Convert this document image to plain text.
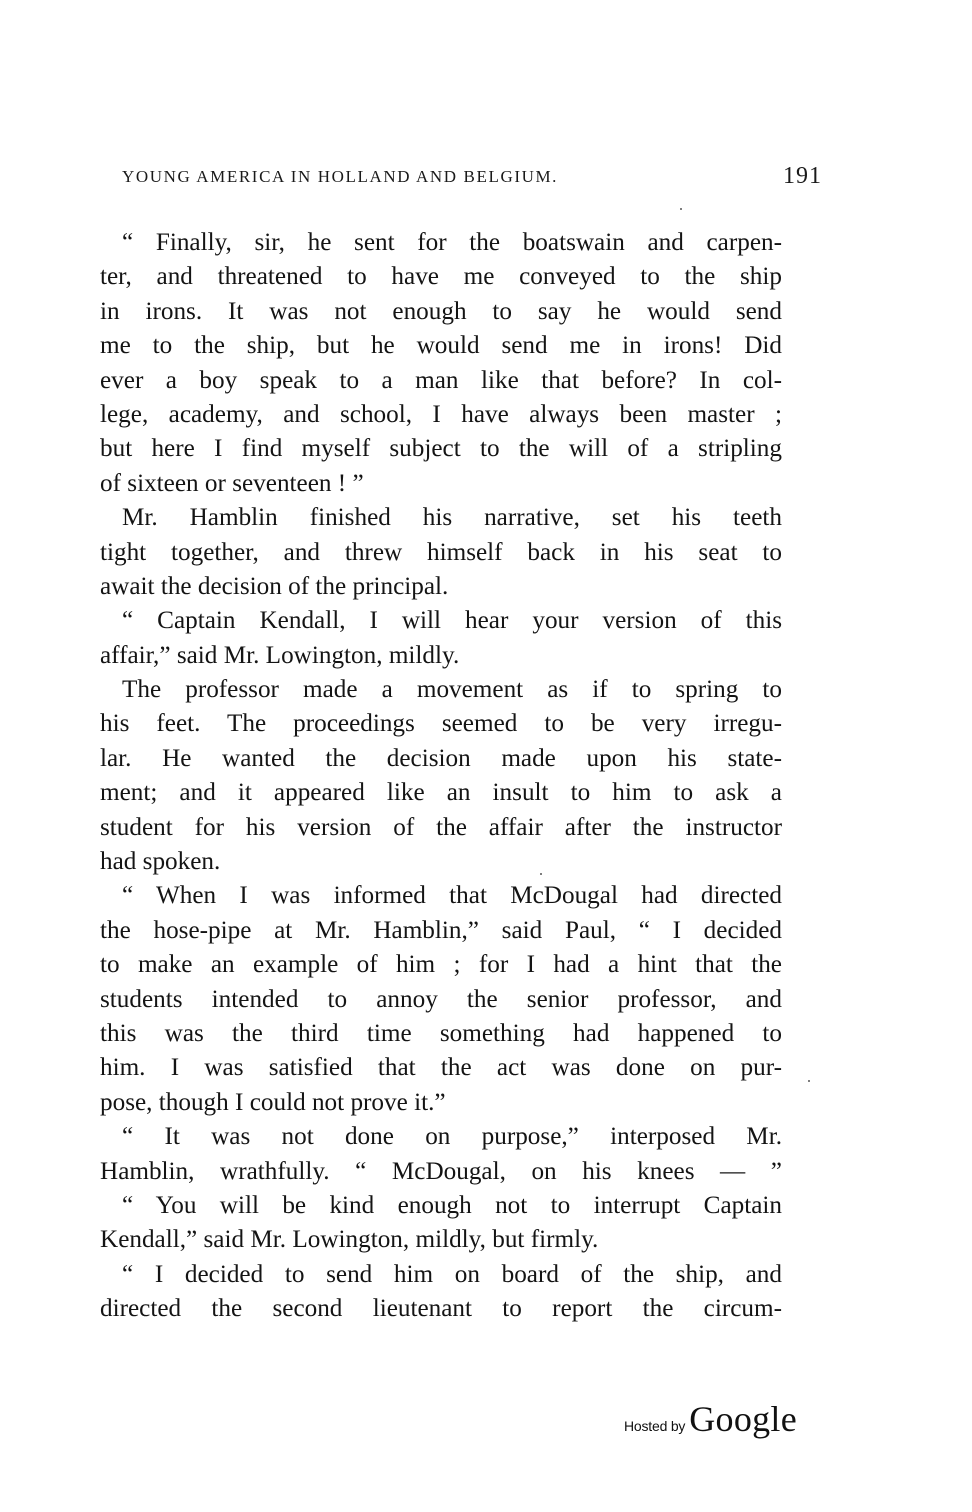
YOUNG AMERICA IN HOLLAND AND BELGIUM.	191
“ Finally, sir, he sent for the boatswain and carpen-
ter, and threatened to have me conveyed to the ship
in irons. It was not enough to say he would send
me to the ship, but he would send me in irons! Did
ever a boy speak to a man like that before? In col-
lege, academy, and school, I have always been master ;
but here I find myself subject to the will of a stripling
of sixteen or seventeen ! ”
Mr. Hamblin finished his narrative, set his teeth
tight together, and threw himself back in his seat to
await the decision of the principal.
“ Captain Kendall, I will hear your version of this
affair,” said Mr. Lowington, mildly.
The professor made a movement as if to spring to
his feet. The proceedings seemed to be very irregu-
lar. He wanted the decision made upon his state-
ment; and it appeared like an insult to him to ask a
student for his version of the affair after the instructor
had spoken.
“ When I was informed that McDougal had directed
the hose-pipe at Mr. Hamblin,” said Paul, “ I decided
to make an example of him ; for I had a hint that the
students intended to annoy the senior professor, and
this was the third time something had happened to
him. I was satisfied that the act was done on pur-
pose, though I could not prove it.”
“ It was not done on purpose,” interposed Mr.
Hamblin, wrathfully. “ McDougal, on his knees — ”
“ You will be kind enough not to interrupt Captain
Kendall,” said Mr. Lowington, mildly, but firmly.
“ I decided to send him on board of the ship, and
directed the second lieutenant to report the circum-
Hosted by Google
